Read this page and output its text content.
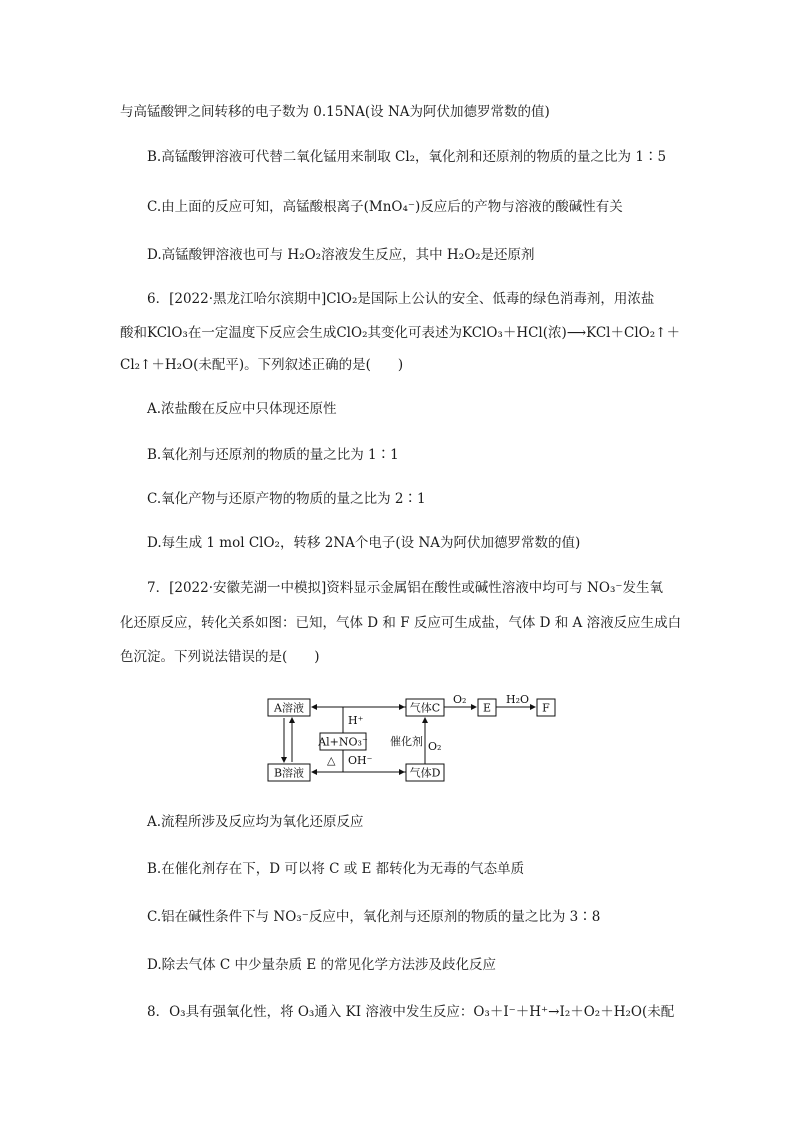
与高锰酸钾之间转移的电子数为 0.15NA(设 NA为阿伏加德罗常数的值)
B.高锰酸钾溶液可代替二氧化锰用来制取 Cl₂，氧化剂和还原剂的物质的量之比为 1∶5
C.由上面的反应可知，高锰酸根离子(MnO₄⁻)反应后的产物与溶液的酸碱性有关
D.高锰酸钾溶液也可与 H₂O₂溶液发生反应，其中 H₂O₂是还原剂
6．[2022·黑龙江哈尔滨期中]ClO₂是国际上公认的安全、低毒的绿色消毒剂，用浓盐
酸和KClO₃在一定温度下反应会生成ClO₂其变化可表述为KClO₃＋HCl(浓)⟶KCl＋ClO₂↑＋
Cl₂↑＋H₂O(未配平)。下列叙述正确的是(　　)
A.浓盐酸在反应中只体现还原性
B.氧化剂与还原剂的物质的量之比为 1∶1
C.氧化产物与还原产物的物质的量之比为 2∶1
D.每生成 1 mol ClO₂，转移 2NA个电子(设 NA为阿伏加德罗常数的值)
7．[2022·安徽芜湖一中模拟]资料显示金属铝在酸性或碱性溶液中均可与 NO₃⁻发生氧
化还原反应，转化关系如图：已知，气体 D 和 F 反应可生成盐，气体 D 和 A 溶液反应生成白
色沉淀。下列说法错误的是(　　)
A溶液	气体C	E	F
B溶液	气体D
Al+NO₃⁻
H⁺
OH⁻
△
O₂	H₂O
催化剂 O₂
A.流程所涉及反应均为氧化还原反应
B.在催化剂存在下，D 可以将 C 或 E 都转化为无毒的气态单质
C.铝在碱性条件下与 NO₃⁻反应中，氧化剂与还原剂的物质的量之比为 3∶8
D.除去气体 C 中少量杂质 E 的常见化学方法涉及歧化反应
8．O₃具有强氧化性，将 O₃通入 KI 溶液中发生反应：O₃＋I⁻＋H⁺→I₂＋O₂＋H₂O(未配
